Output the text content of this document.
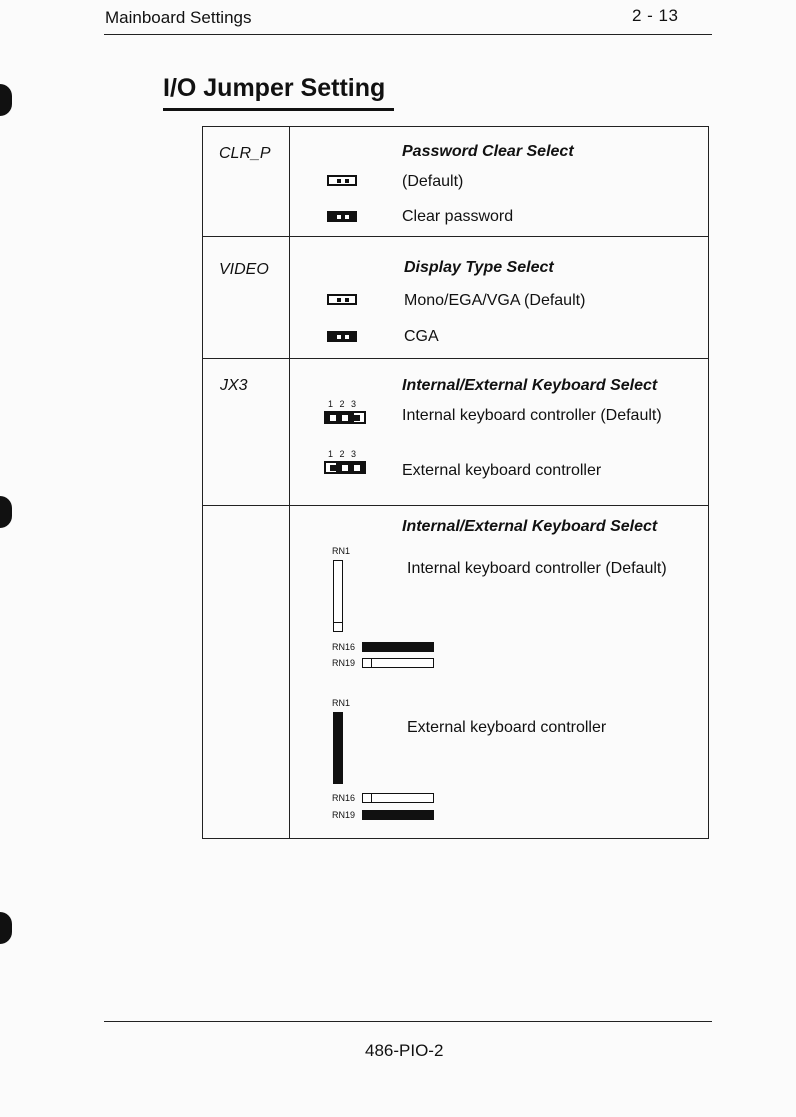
Mainboard Settings	2 - 13
I/O Jumper Setting
CLR_P	Password Clear Select
(Default)
Clear password
VIDEO	Display Type Select
Mono/EGA/VGA (Default)
CGA
JX3	Internal/External Keyboard Select
1 2 3
Internal keyboard controller (Default)
1 2 3
External keyboard controller
Internal/External Keyboard Select
RN1
RN16
RN19
Internal keyboard controller (Default)
RN1
RN16
RN19
External keyboard controller
486-PIO-2
